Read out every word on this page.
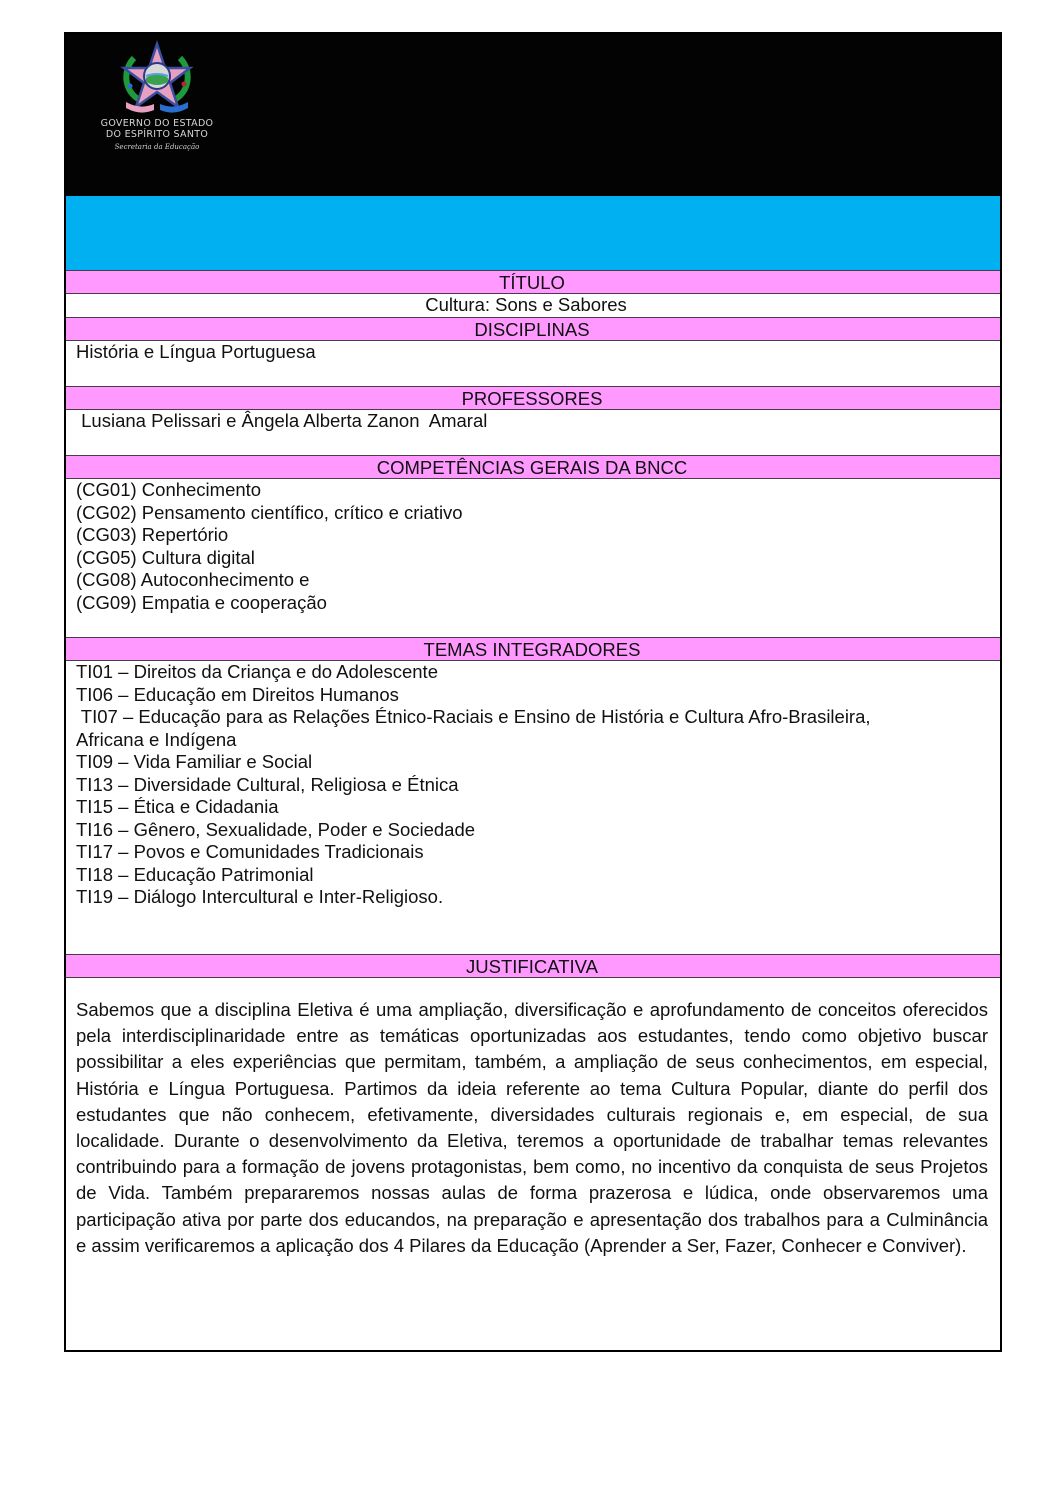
GOVERNO DO ESTADO
DO ESPÍRITO SANTO
Secretaria da Educação
TÍTULO
Cultura: Sons e Sabores
DISCIPLINAS
História e Língua Portuguesa
PROFESSORES
Lusiana Pelissari e Ângela Alberta Zanon  Amaral
COMPETÊNCIAS GERAIS DA BNCC
(CG01) Conhecimento
(CG02) Pensamento científico, crítico e criativo
(CG03) Repertório
(CG05) Cultura digital
(CG08) Autoconhecimento e
(CG09) Empatia e cooperação
TEMAS INTEGRADORES
TI01 – Direitos da Criança e do Adolescente
TI06 – Educação em Direitos Humanos
TI07 – Educação para as Relações Étnico-Raciais e Ensino de História e Cultura Afro-Brasileira,
Africana e Indígena
TI09 – Vida Familiar e Social
TI13 – Diversidade Cultural, Religiosa e Étnica
TI15 – Ética e Cidadania
TI16 – Gênero, Sexualidade, Poder e Sociedade
TI17 – Povos e Comunidades Tradicionais
TI18 – Educação Patrimonial
TI19 – Diálogo Intercultural e Inter-Religioso.
JUSTIFICATIVA
Sabemos que a disciplina Eletiva é uma ampliação, diversificação e aprofundamento de conceitos oferecidos pela interdisciplinaridade entre as temáticas oportunizadas aos estudantes, tendo como objetivo buscar possibilitar a eles experiências que permitam, também, a ampliação de seus conhecimentos, em especial, História e Língua Portuguesa. Partimos da ideia referente ao tema Cultura Popular, diante do perfil dos estudantes que não conhecem, efetivamente, diversidades culturais regionais e, em especial, de sua localidade. Durante o desenvolvimento da Eletiva, teremos a oportunidade de trabalhar temas relevantes contribuindo para a formação de jovens protagonistas, bem como, no incentivo da conquista de seus Projetos de Vida. Também prepararemos nossas aulas de forma prazerosa e lúdica, onde observaremos uma participação ativa por parte dos educandos, na preparação e apresentação dos trabalhos para a Culminância e assim verificaremos a aplicação dos 4 Pilares da Educação (Aprender a Ser, Fazer, Conhecer e Conviver).
